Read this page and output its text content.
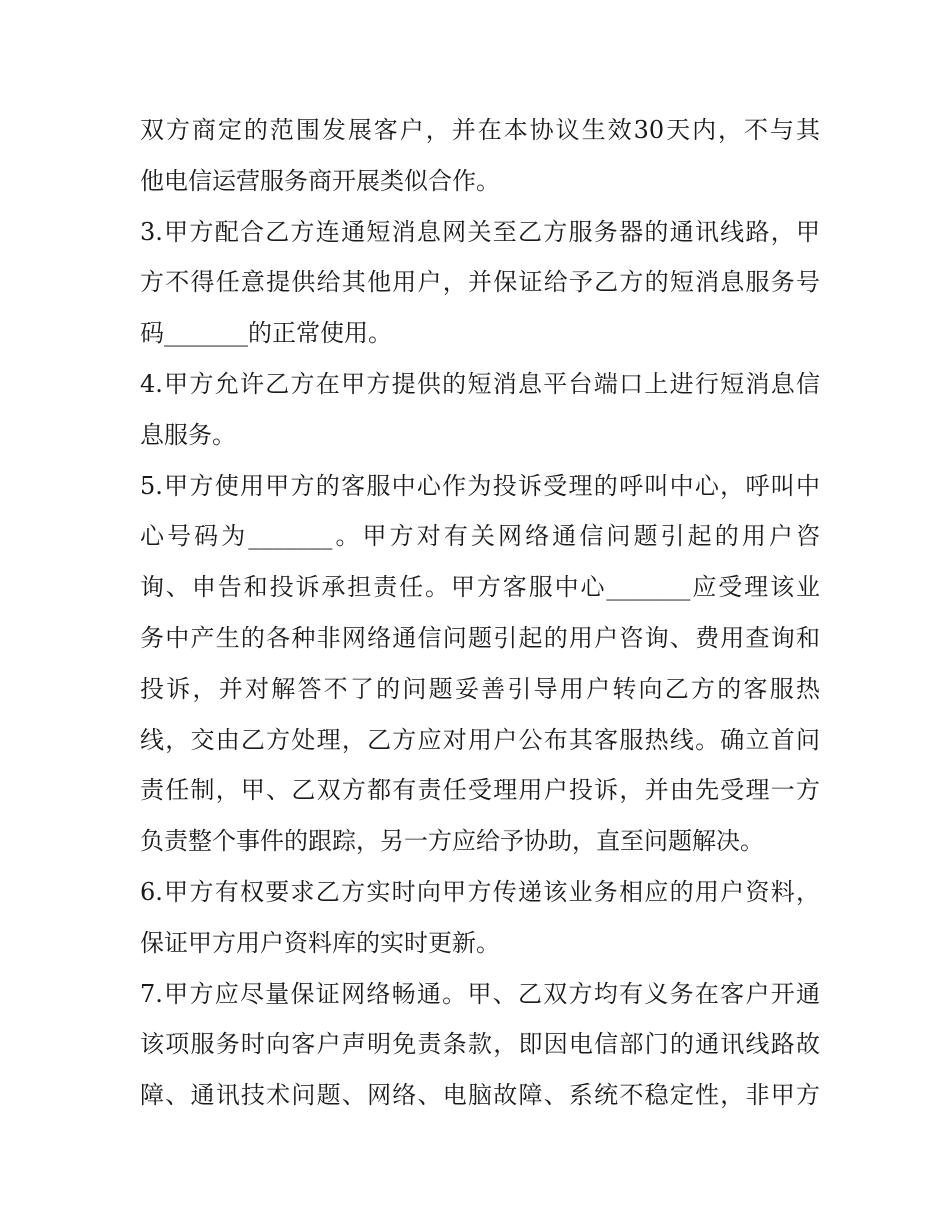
双方商定的范围发展客户，并在本协议生效30天内，不与其
他电信运营服务商开展类似合作。
3.甲方配合乙方连通短消息网关至乙方服务器的通讯线路，甲
方不得任意提供给其他用户，并保证给予乙方的短消息服务号
码_______的正常使用。
4.甲方允许乙方在甲方提供的短消息平台端口上进行短消息信
息服务。
5.甲方使用甲方的客服中心作为投诉受理的呼叫中心，呼叫中
心号码为_______。甲方对有关网络通信问题引起的用户咨
询、申告和投诉承担责任。甲方客服中心_______应受理该业
务中产生的各种非网络通信问题引起的用户咨询、费用查询和
投诉，并对解答不了的问题妥善引导用户转向乙方的客服热
线，交由乙方处理，乙方应对用户公布其客服热线。确立首问
责任制，甲、乙双方都有责任受理用户投诉，并由先受理一方
负责整个事件的跟踪，另一方应给予协助，直至问题解决。
6.甲方有权要求乙方实时向甲方传递该业务相应的用户资料，
保证甲方用户资料库的实时更新。
7.甲方应尽量保证网络畅通。甲、乙双方均有义务在客户开通
该项服务时向客户声明免责条款，即因电信部门的通讯线路故
障、通讯技术问题、网络、电脑故障、系统不稳定性，非甲方
